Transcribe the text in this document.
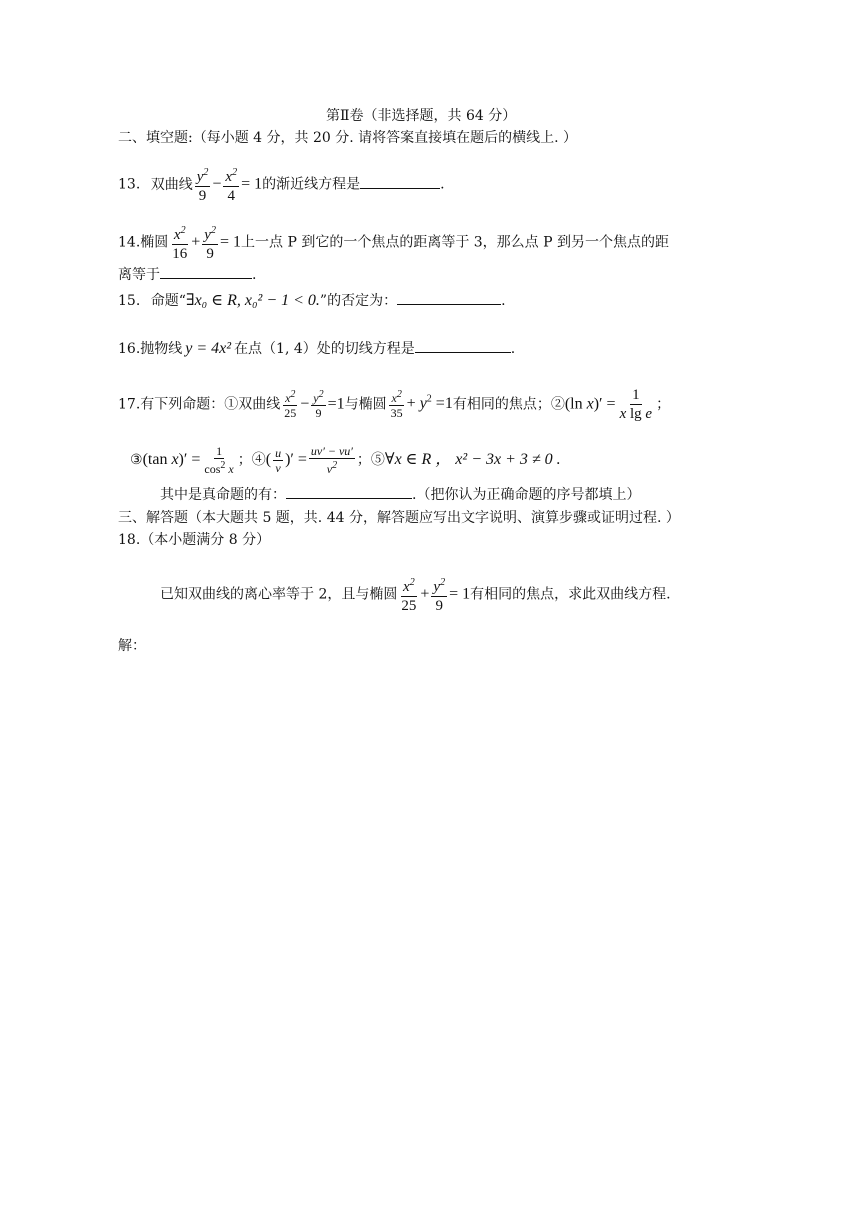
第Ⅱ卷（非选择题，共 64 分）
二、填空题:（每小题 4 分，共 20 分. 请将答案直接填在题后的横线上. ）
13. 双曲线 $\frac{y^2}{9} - \frac{x^2}{4} = 1$的渐近线方程是	.
14.椭圆 $\frac{x^2}{16} + \frac{y^2}{9} = 1$上一点 P 到它的一个焦点的距离等于 3，那么点 P 到另一个焦点的距
离等于	.
15. 命题“∃x₀ ∈ R, x₀² − 1 < 0.”的否定为：	.
16.抛物线 y = 4x² 在点（1, 4）处的切线方程是	.
17.有下列命题：①双曲线 $\frac{x^2}{25} - \frac{y^2}{9} =1$与椭圆 $\frac{x^2}{35} + y^2 =1$有相同的焦点；②(ln $x)' = \frac{1}{\text{x lg e}}$ ；
③(tan $x)' = \frac{1}{\cos^2 x}$ ；④( $\frac{u}{v}$ )′ = $\frac{uv' - vu'}{v^2}$ ；⑤∀x ∈ R ， x² − 3x + 3 ≠ 0 .
其中是真命题的有：	.（把你认为正确命题的序号都填上）
三、解答题（本大题共 5 题，共. 44 分，解答题应写出文字说明、演算步骤或证明过程. ）
18.（本小题满分 8 分）
已知双曲线的离心率等于 2，且与椭圆 $\frac{x^2}{25} + \frac{y^2}{9} = 1$有相同的焦点，求此双曲线方程.
解：
